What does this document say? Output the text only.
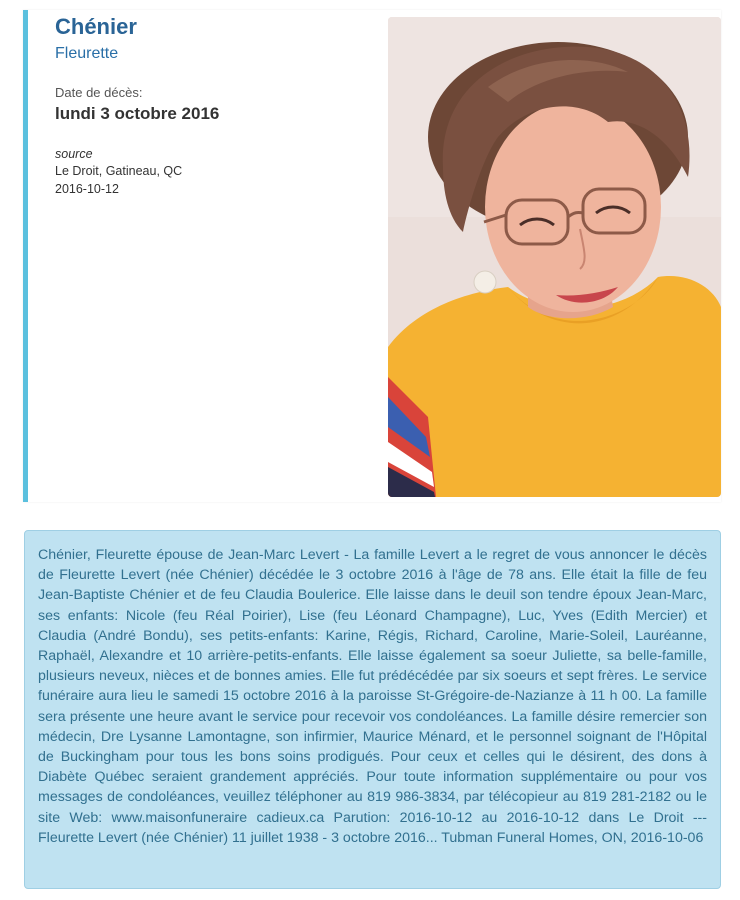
Chénier
Fleurette
Date de décès:
lundi 3 octobre 2016
source
Le Droit, Gatineau, QC
2016-10-12

Chénier, Fleurette épouse de Jean-Marc Levert - La famille Levert a le regret de vous annoncer le décès de Fleurette Levert (née Chénier) décédée le 3 octobre 2016 à l'âge de 78 ans. Elle était la fille de feu Jean-Baptiste Chénier et de feu Claudia Boulerice. Elle laisse dans le deuil son tendre époux Jean-Marc, ses enfants: Nicole (feu Réal Poirier), Lise (feu Léonard Champagne), Luc, Yves (Edith Mercier) et Claudia (André Bondu), ses petits-enfants: Karine, Régis, Richard, Caroline, Marie-Soleil, Lauréanne, Raphaël, Alexandre et 10 arrière-petits-enfants. Elle laisse également sa soeur Juliette, sa belle-famille, plusieurs neveux, nièces et de bonnes amies. Elle fut prédécédée par six soeurs et sept frères. Le service funéraire aura lieu le samedi 15 octobre 2016 à la paroisse St-Grégoire-de-Nazianze à 11 h 00. La famille sera présente une heure avant le service pour recevoir vos condoléances. La famille désire remercier son médecin, Dre Lysanne Lamontagne, son infirmier, Maurice Ménard, et le personnel soignant de l'Hôpital de Buckingham pour tous les bons soins prodigués. Pour ceux et celles qui le désirent, des dons à Diabète Québec seraient grandement appréciés. Pour toute information supplémentaire ou pour vos messages de condoléances, veuillez téléphoner au 819 986-3834, par télécopieur au 819 281-2182 ou le site Web: www.maisonfuneraire cadieux.ca Parution: 2016-10-12 au 2016-10-12 dans Le Droit --- Fleurette Levert (née Chénier) 11 juillet 1938 - 3 octobre 2016... Tubman Funeral Homes, ON, 2016-10-06
